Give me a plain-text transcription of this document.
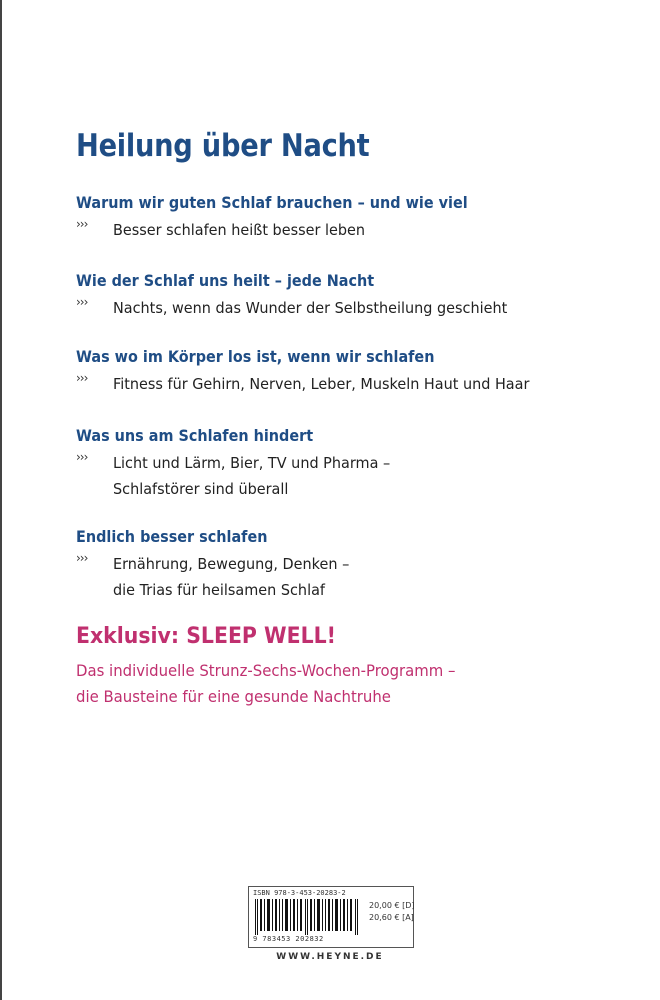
Heilung über Nacht
Warum wir guten Schlaf brauchen – und wie viel
››› Besser schlafen heißt besser leben
Wie der Schlaf uns heilt – jede Nacht
››› Nachts, wenn das Wunder der Selbstheilung geschieht
Was wo im Körper los ist, wenn wir schlafen
››› Fitness für Gehirn, Nerven, Leber, Muskeln Haut und Haar
Was uns am Schlafen hindert
››› Licht und Lärm, Bier, TV und Pharma –
Schlafstörer sind überall
Endlich besser schlafen
››› Ernährung, Bewegung, Denken –
die Trias für heilsamen Schlaf
Exklusiv: SLEEP WELL!
Das individuelle Strunz-Sechs-Wochen-Programm –
die Bausteine für eine gesunde Nachtruhe
ISBN 978-3-453-20283-2
9 783453 202832
20,00 € [D]
20,60 € [A]
WWW.HEYNE.DE
